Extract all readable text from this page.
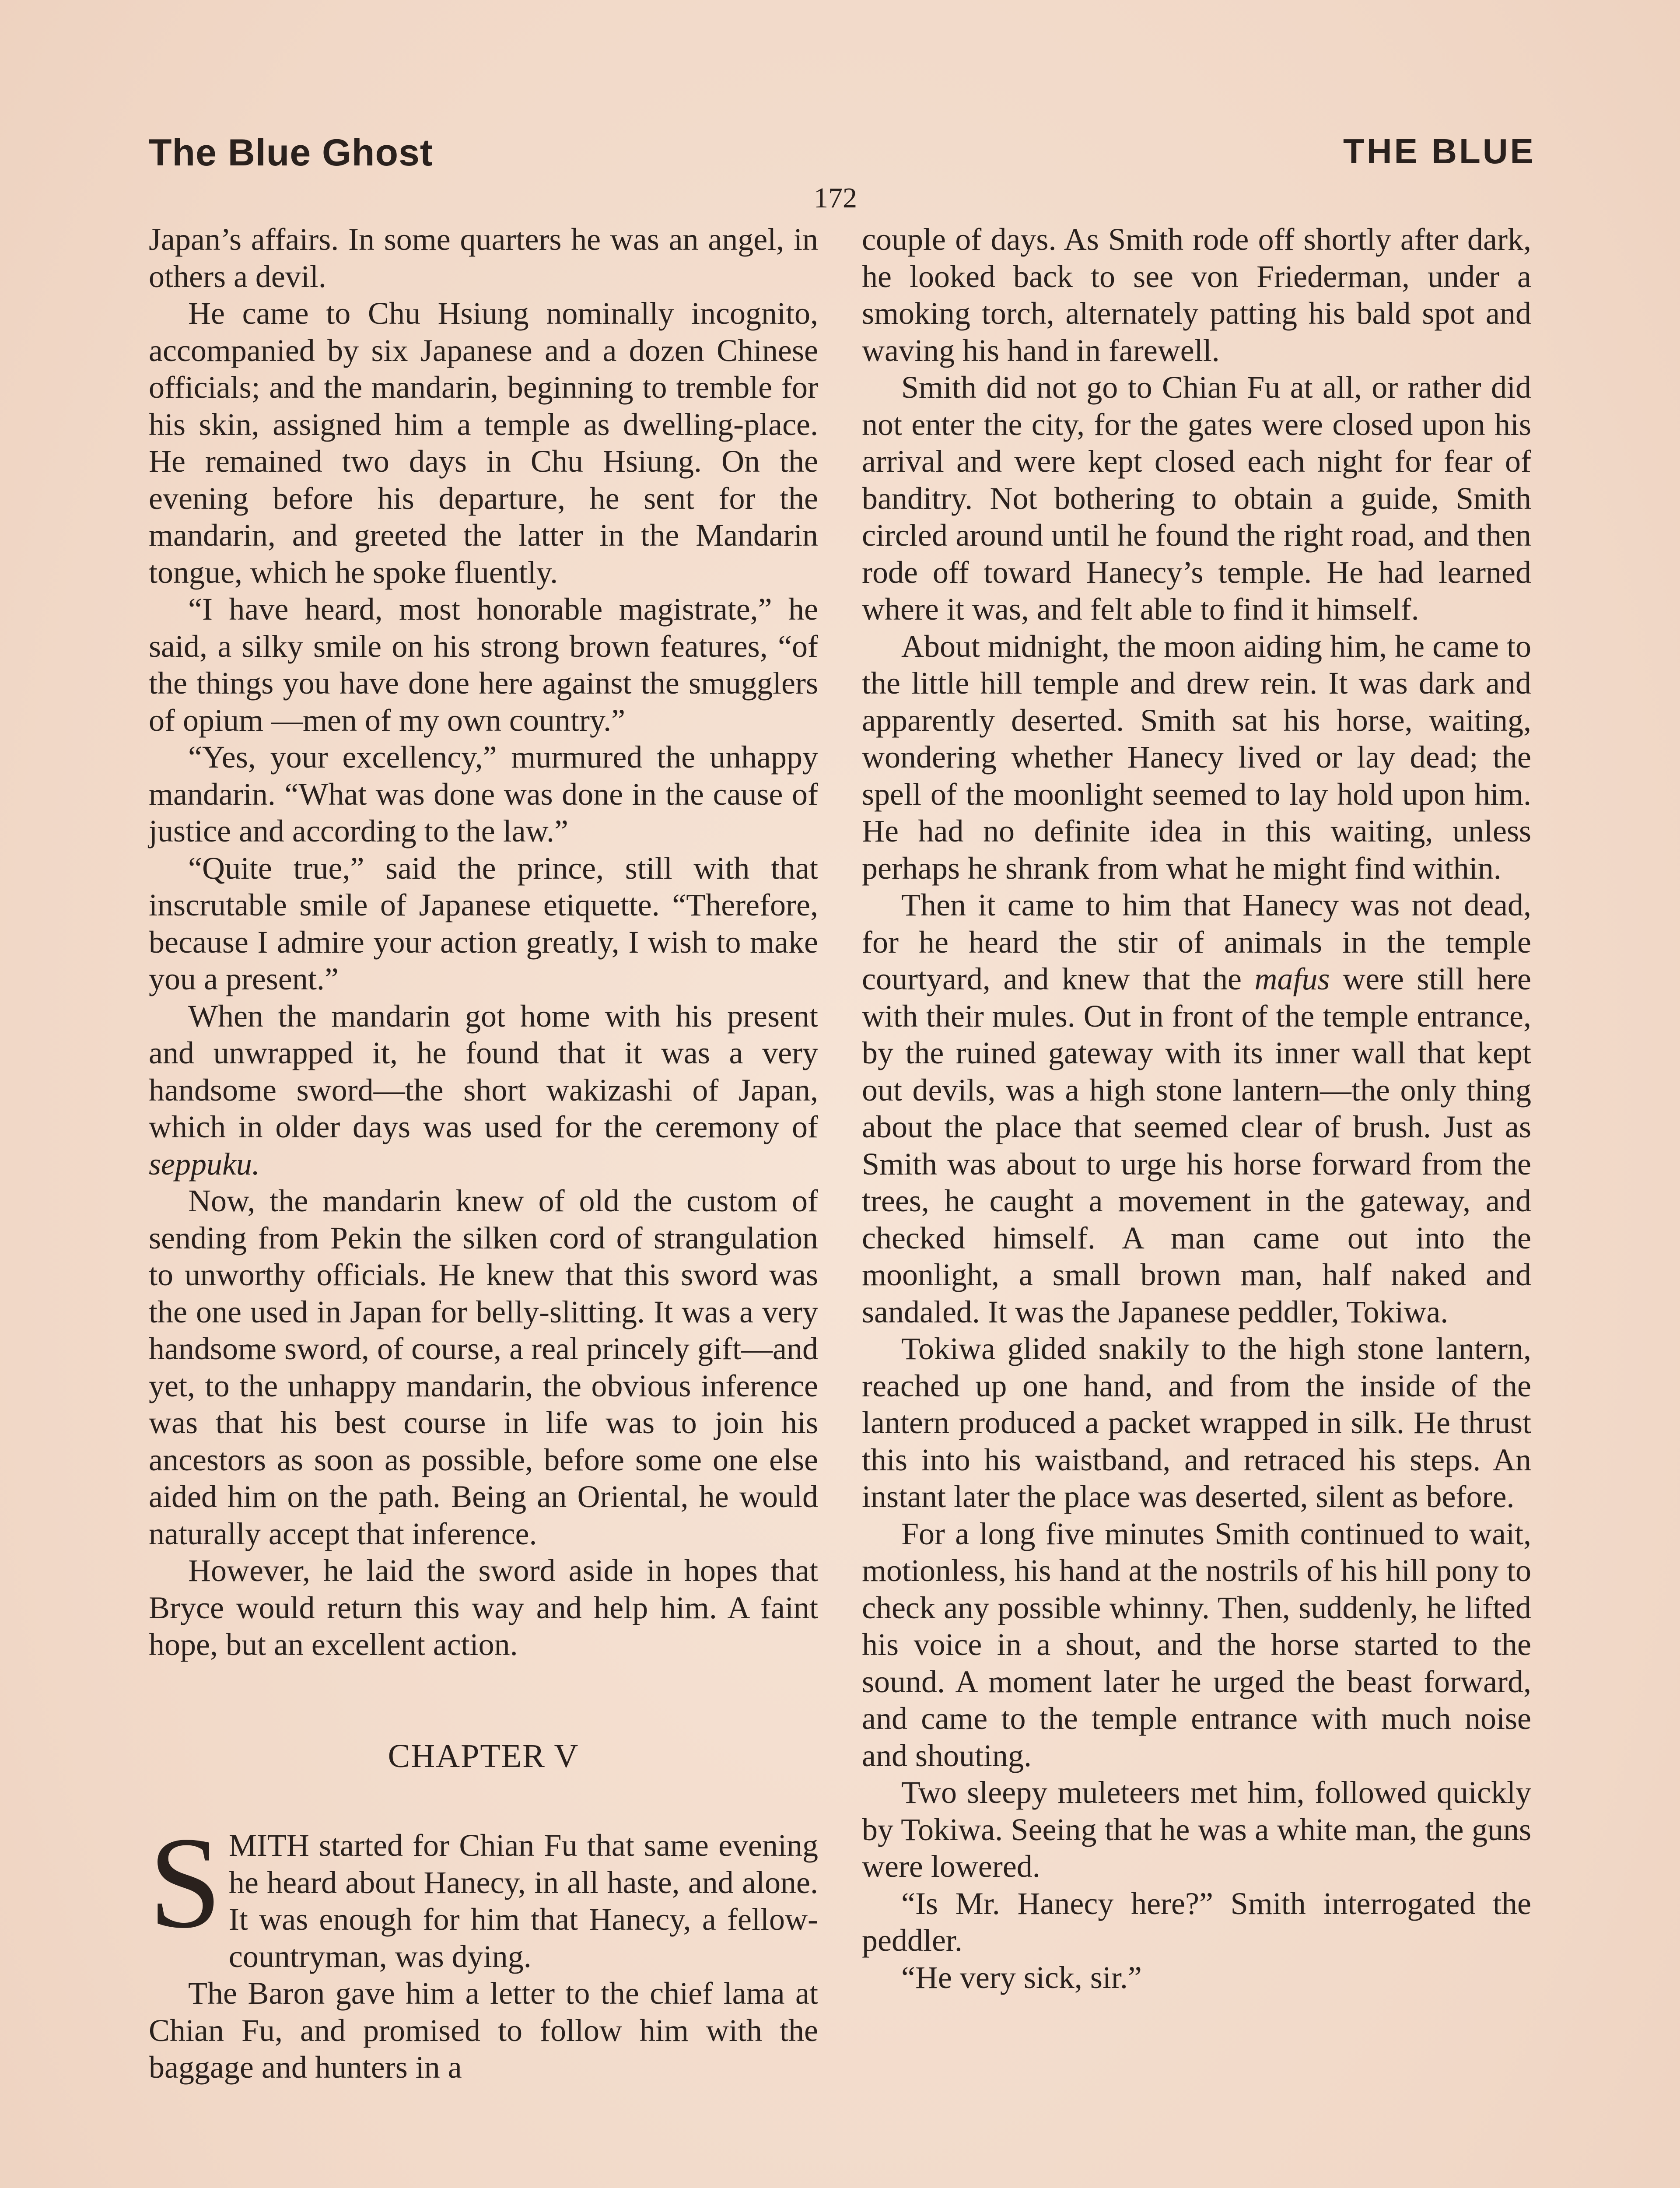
The Blue Ghost	THE BLUE
172

Japan’s affairs. In some quarters he was an angel, in others a devil.

He came to Chu Hsiung nominally incognito, accompanied by six Japanese and a dozen Chinese officials; and the mandarin, beginning to tremble for his skin, assigned him a temple as dwelling-place. He remained two days in Chu Hsiung. On the evening before his departure, he sent for the mandarin, and greeted the latter in the Mandarin tongue, which he spoke fluently.

“I have heard, most honorable magistrate,” he said, a silky smile on his strong brown features, “of the things you have done here against the smugglers of opium —men of my own country.”

“Yes, your excellency,” murmured the unhappy mandarin. “What was done was done in the cause of justice and according to the law.”

“Quite true,” said the prince, still with that inscrutable smile of Japanese etiquette. “Therefore, because I admire your action greatly, I wish to make you a present.”

When the mandarin got home with his present and unwrapped it, he found that it was a very handsome sword—the short wakizashi of Japan, which in older days was used for the ceremony of seppuku.

Now, the mandarin knew of old the custom of sending from Pekin the silken cord of strangulation to unworthy officials. He knew that this sword was the one used in Japan for belly-slitting. It was a very handsome sword, of course, a real princely gift—and yet, to the unhappy mandarin, the obvious inference was that his best course in life was to join his ancestors as soon as possible, before some one else aided him on the path. Being an Oriental, he would naturally accept that inference.

However, he laid the sword aside in hopes that Bryce would return this way and help him. A faint hope, but an excellent action.

CHAPTER V

SMITH started for Chian Fu that same evening he heard about Hanecy, in all haste, and alone. It was enough for him that Hanecy, a fellow-countryman, was dying.

The Baron gave him a letter to the chief lama at Chian Fu, and promised to follow him with the baggage and hunters in a

couple of days. As Smith rode off shortly after dark, he looked back to see von Friederman, under a smoking torch, alternately patting his bald spot and waving his hand in farewell.

Smith did not go to Chian Fu at all, or rather did not enter the city, for the gates were closed upon his arrival and were kept closed each night for fear of banditry. Not bothering to obtain a guide, Smith circled around until he found the right road, and then rode off toward Hanecy’s temple. He had learned where it was, and felt able to find it himself.

About midnight, the moon aiding him, he came to the little hill temple and drew rein. It was dark and apparently deserted. Smith sat his horse, waiting, wondering whether Hanecy lived or lay dead; the spell of the moonlight seemed to lay hold upon him. He had no definite idea in this waiting, unless perhaps he shrank from what he might find within.

Then it came to him that Hanecy was not dead, for he heard the stir of animals in the temple courtyard, and knew that the mafus were still here with their mules. Out in front of the temple entrance, by the ruined gateway with its inner wall that kept out devils, was a high stone lantern—the only thing about the place that seemed clear of brush. Just as Smith was about to urge his horse forward from the trees, he caught a movement in the gateway, and checked himself. A man came out into the moonlight, a small brown man, half naked and sandaled. It was the Japanese peddler, Tokiwa.

Tokiwa glided snakily to the high stone lantern, reached up one hand, and from the inside of the lantern produced a packet wrapped in silk. He thrust this into his waistband, and retraced his steps. An instant later the place was deserted, silent as before.

For a long five minutes Smith continued to wait, motionless, his hand at the nostrils of his hill pony to check any possible whinny. Then, suddenly, he lifted his voice in a shout, and the horse started to the sound. A moment later he urged the beast forward, and came to the temple entrance with much noise and shouting.

Two sleepy muleteers met him, followed quickly by Tokiwa. Seeing that he was a white man, the guns were lowered.

“Is Mr. Hanecy here?” Smith interrogated the peddler.

“He very sick, sir.”
